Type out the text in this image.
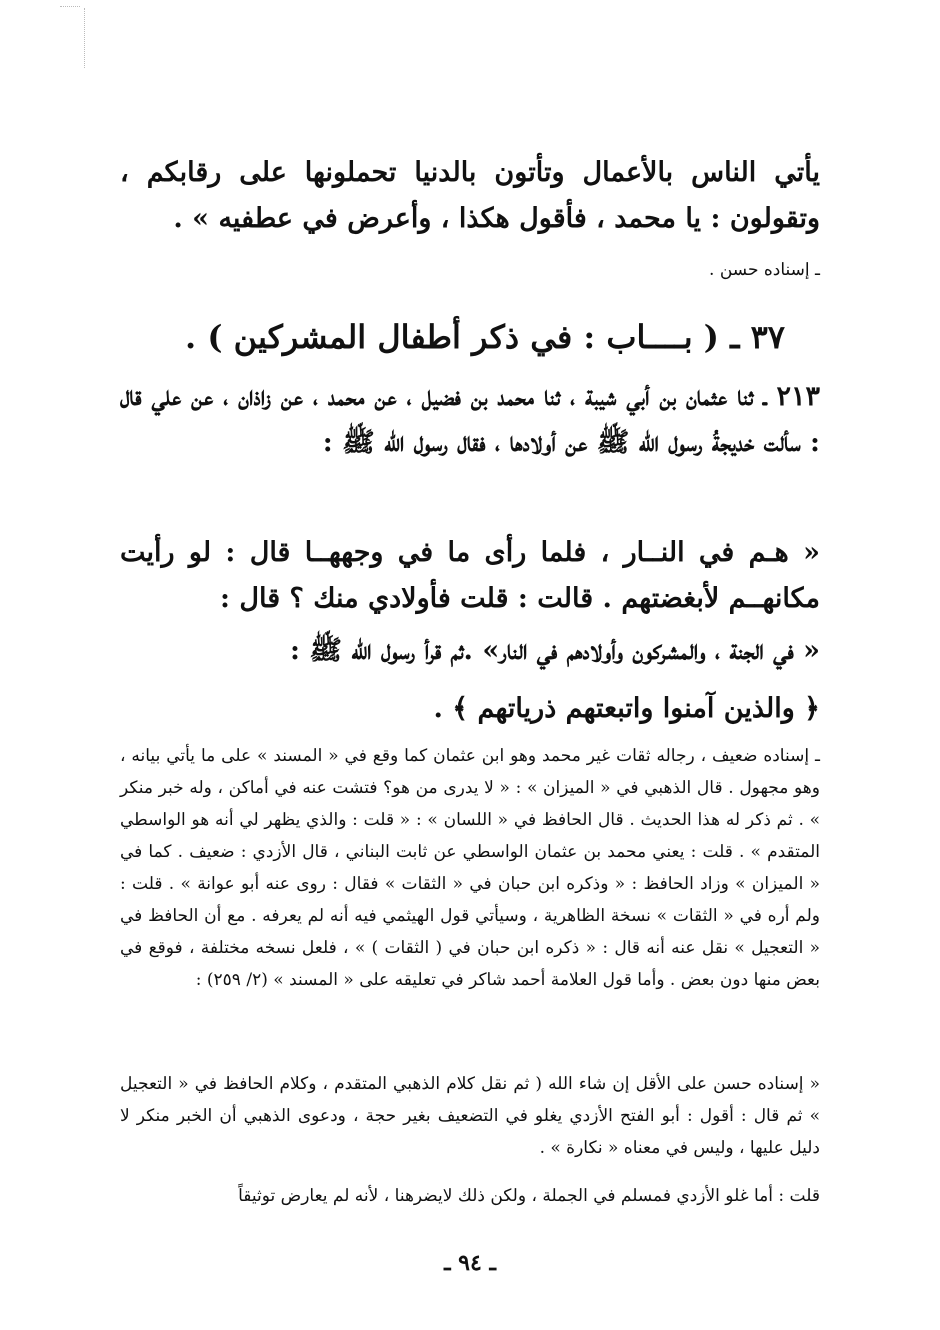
يأتي الناس بالأعمال وتأتون بالدنيا تحملونها على رقابكم ، وتقولون : يا محمد ، فأقول هكذا ، وأعرض في عطفيه » .
ـ إسناده حسن .
٣٧ ـ ( بــــاب : في ذكر أطفال المشركين ) .
٢١٣ ـ ثنا عثمان بن أبي شيبة ، ثنا محمد بن فضيل ، عن محمد ، عن زاذان ، عن علي قال : سألت خديجةُ رسول الله ﷺ عن أولادها ، فقال رسول الله ﷺ :
« هـم في النــار ، فلما رأى ما في وجههــا قال : لو رأيت مكانهــم لأبغضتهم . قالت : قلت فأولادي منك ؟ قال :
« في الجنة ، والمشركون وأولادهم في النار» .ثم قرأ رسول الله ﷺ :
﴿ والذين آمنوا واتبعتهم ذرياتهم ﴾ .
ـ إسناده ضعيف ، رجاله ثقات غير محمد وهو ابن عثمان كما وقع في « المسند » على ما يأتي بيانه ، وهو مجهول . قال الذهبي في « الميزان » : « لا يدرى من هو؟ فتشت عنه في أماكن ، وله خبر منكر » . ثم ذكر له هذا الحديث . قال الحافظ في « اللسان » : « قلت : والذي يظهر لي أنه هو الواسطي المتقدم » . قلت : يعني محمد بن عثمان الواسطي عن ثابت البناني ، قال الأزدي : ضعيف . كما في « الميزان » وزاد الحافظ : « وذكره ابن حبان في « الثقات » فقال : روى عنه أبو عوانة » . قلت : ولم أره في « الثقات » نسخة الظاهرية ، وسيأتي قول الهيثمي فيه أنه لم يعرفه . مع أن الحافظ في « التعجيل » نقل عنه أنه قال : « ذكره ابن حبان في ( الثقات ) » ، فلعل نسخه مختلفة ، فوقع في بعض منها دون بعض . وأما قول العلامة أحمد شاكر في تعليقه على « المسند » (٢/ ٢٥٩) :
« إسناده حسن على الأقل إن شاء الله ( ثم نقل كلام الذهبي المتقدم ، وكلام الحافظ في « التعجيل » ثم قال : أقول : أبو الفتح الأزدي يغلو في التضعيف بغير حجة ، ودعوى الذهبي أن الخبر منكر لا دليل عليها ، وليس في معناه « نكارة » .
قلت : أما غلو الأزدي فمسلم في الجملة ، ولكن ذلك لايضرهنا ، لأنه لم يعارض توثيقاً
ـ ٩٤ ـ
